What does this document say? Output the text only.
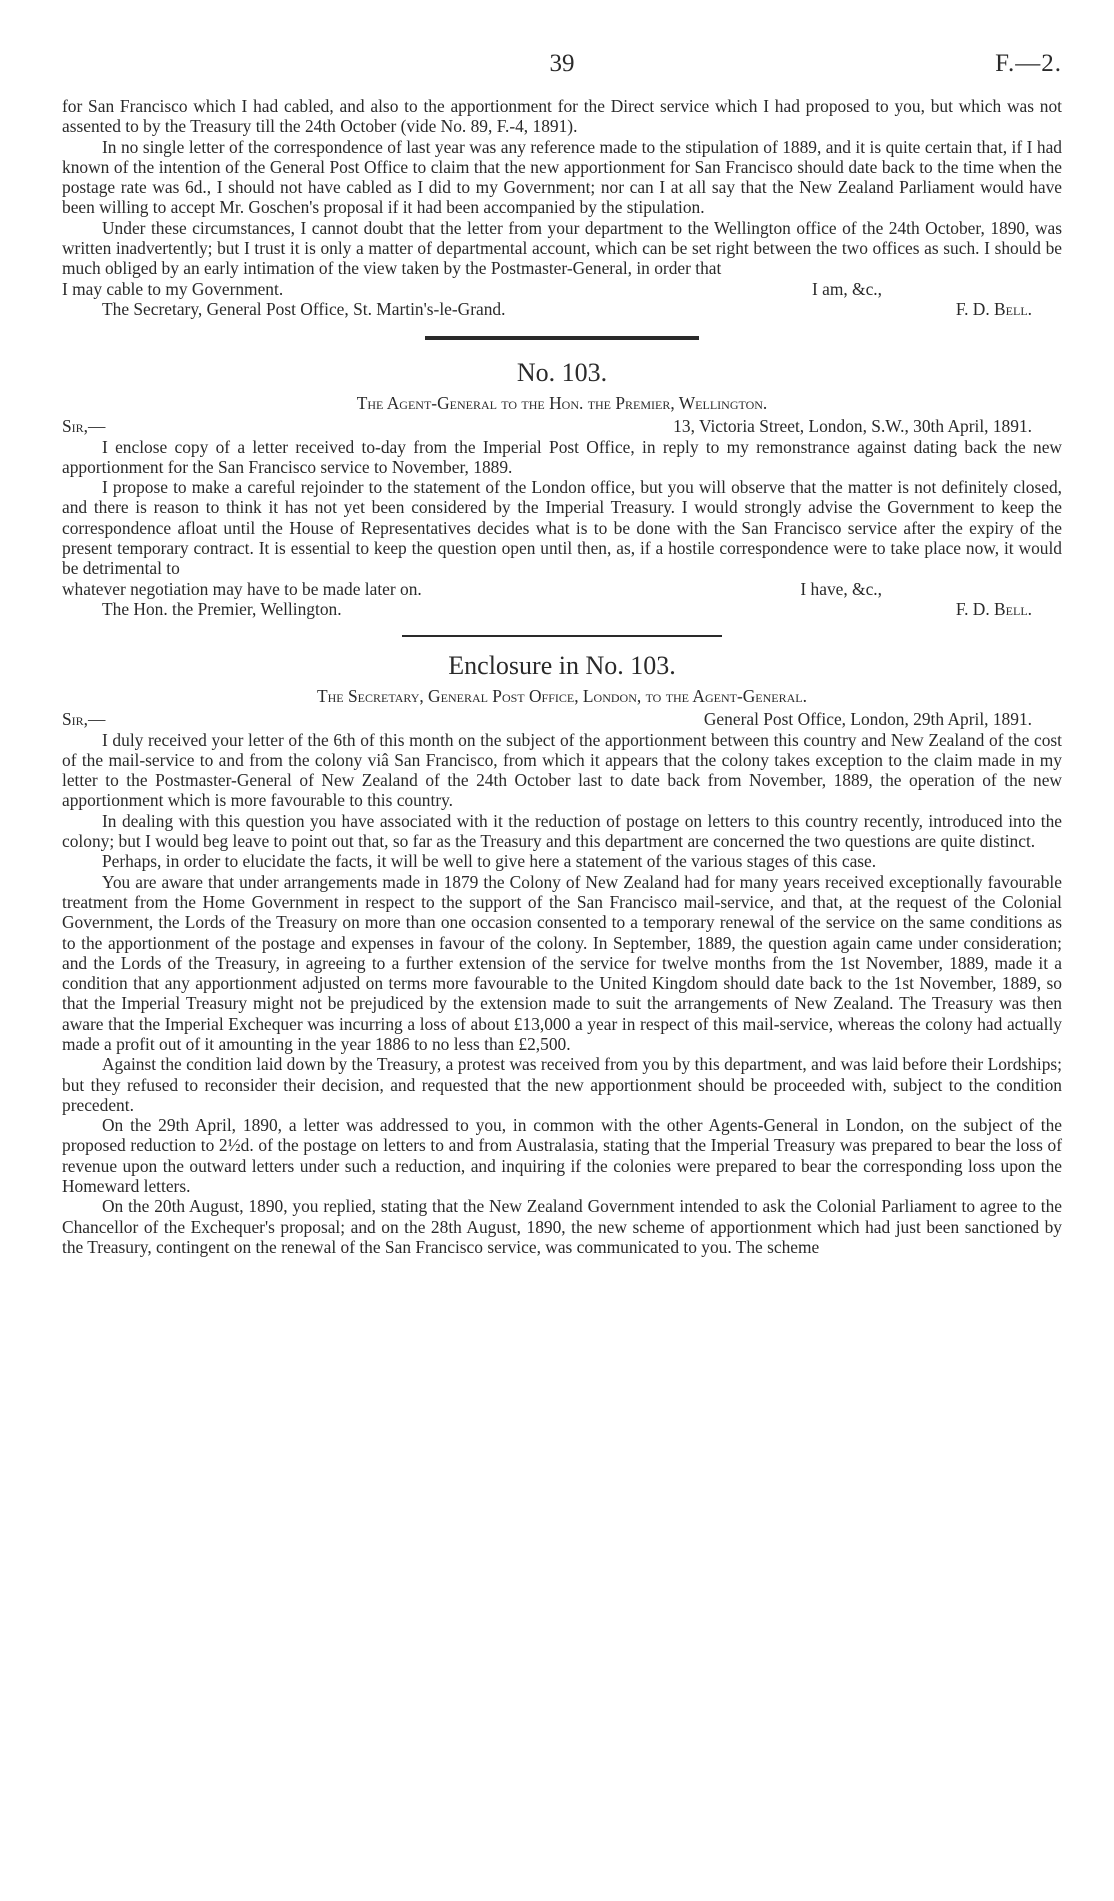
39	F.—2.

for San Francisco which I had cabled, and also to the apportionment for the Direct service which I had proposed to you, but which was not assented to by the Treasury till the 24th October (vide No. 89, F.-4, 1891).

In no single letter of the correspondence of last year was any reference made to the stipulation of 1889, and it is quite certain that, if I had known of the intention of the General Post Office to claim that the new apportionment for San Francisco should date back to the time when the postage rate was 6d., I should not have cabled as I did to my Government; nor can I at all say that the New Zealand Parliament would have been willing to accept Mr. Goschen's proposal if it had been accompanied by the stipulation.

Under these circumstances, I cannot doubt that the letter from your department to the Wellington office of the 24th October, 1890, was written inadvertently; but I trust it is only a matter of departmental account, which can be set right between the two offices as such. I should be much obliged by an early intimation of the view taken by the Postmaster-General, in order that

I may cable to my Government.	I am, &c.,
The Secretary, General Post Office, St. Martin's-le-Grand.	F. D. Bell.
No. 103.
The Agent-General to the Hon. the Premier, Wellington.
Sir,—	13, Victoria Street, London, S.W., 30th April, 1891.

I enclose copy of a letter received to-day from the Imperial Post Office, in reply to my remonstrance against dating back the new apportionment for the San Francisco service to November, 1889.

I propose to make a careful rejoinder to the statement of the London office, but you will observe that the matter is not definitely closed, and there is reason to think it has not yet been considered by the Imperial Treasury. I would strongly advise the Government to keep the correspondence afloat until the House of Representatives decides what is to be done with the San Francisco service after the expiry of the present temporary contract. It is essential to keep the question open until then, as, if a hostile correspondence were to take place now, it would be detrimental to

whatever negotiation may have to be made later on.	I have, &c.,
The Hon. the Premier, Wellington.	F. D. Bell.
Enclosure in No. 103.
The Secretary, General Post Office, London, to the Agent-General.
Sir,—	General Post Office, London, 29th April, 1891.

I duly received your letter of the 6th of this month on the subject of the apportionment between this country and New Zealand of the cost of the mail-service to and from the colony viâ San Francisco, from which it appears that the colony takes exception to the claim made in my letter to the Postmaster-General of New Zealand of the 24th October last to date back from November, 1889, the operation of the new apportionment which is more favourable to this country.

In dealing with this question you have associated with it the reduction of postage on letters to this country recently, introduced into the colony; but I would beg leave to point out that, so far as the Treasury and this department are concerned the two questions are quite distinct.

Perhaps, in order to elucidate the facts, it will be well to give here a statement of the various stages of this case.

You are aware that under arrangements made in 1879 the Colony of New Zealand had for many years received exceptionally favourable treatment from the Home Government in respect to the support of the San Francisco mail-service, and that, at the request of the Colonial Government, the Lords of the Treasury on more than one occasion consented to a temporary renewal of the service on the same conditions as to the apportionment of the postage and expenses in favour of the colony. In September, 1889, the question again came under consideration; and the Lords of the Treasury, in agreeing to a further extension of the service for twelve months from the 1st November, 1889, made it a condition that any apportionment adjusted on terms more favourable to the United Kingdom should date back to the 1st November, 1889, so that the Imperial Treasury might not be prejudiced by the extension made to suit the arrangements of New Zealand. The Treasury was then aware that the Imperial Exchequer was incurring a loss of about £13,000 a year in respect of this mail-service, whereas the colony had actually made a profit out of it amounting in the year 1886 to no less than £2,500.

Against the condition laid down by the Treasury, a protest was received from you by this department, and was laid before their Lordships; but they refused to reconsider their decision, and requested that the new apportionment should be proceeded with, subject to the condition precedent.

On the 29th April, 1890, a letter was addressed to you, in common with the other Agents-General in London, on the subject of the proposed reduction to 2½d. of the postage on letters to and from Australasia, stating that the Imperial Treasury was prepared to bear the loss of revenue upon the outward letters under such a reduction, and inquiring if the colonies were prepared to bear the corresponding loss upon the Homeward letters.

On the 20th August, 1890, you replied, stating that the New Zealand Government intended to ask the Colonial Parliament to agree to the Chancellor of the Exchequer's proposal; and on the 28th August, 1890, the new scheme of apportionment which had just been sanctioned by the Treasury, contingent on the renewal of the San Francisco service, was communicated to you. The scheme
